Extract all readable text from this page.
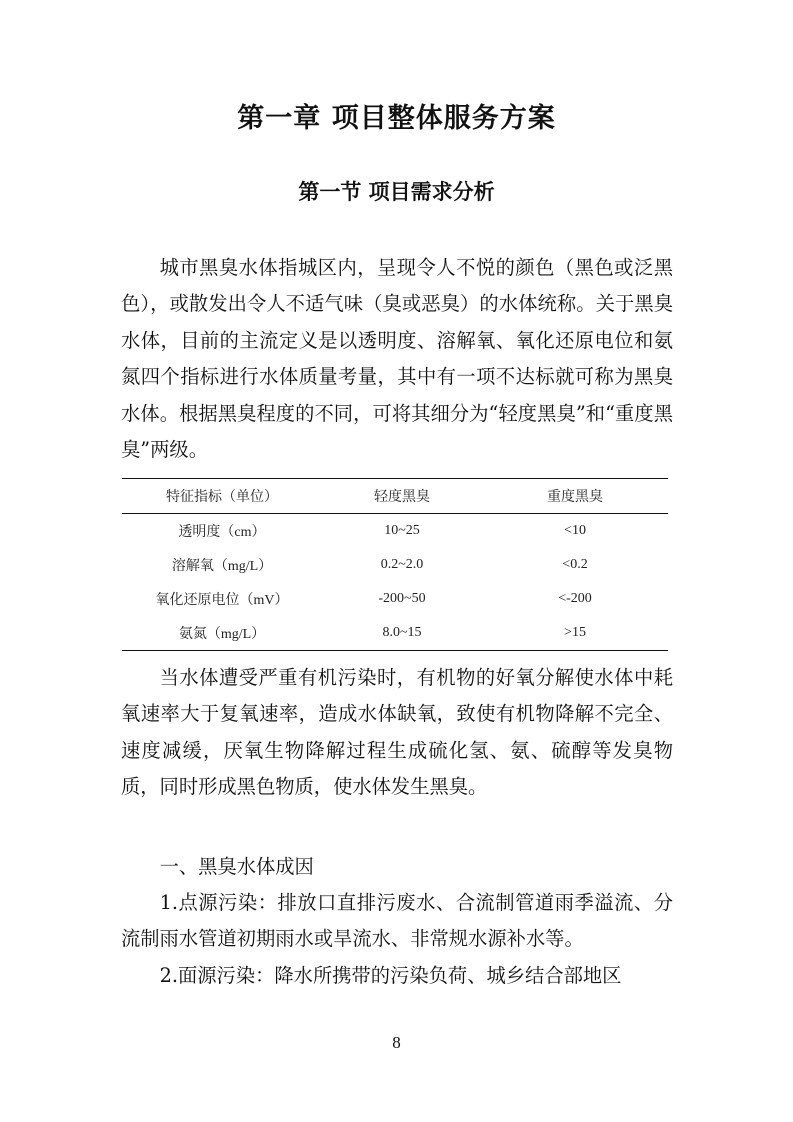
第一章 项目整体服务方案
第一节 项目需求分析

城市黑臭水体指城区内，呈现令人不悦的颜色（黑色或泛黑色），或散发出令人不适气味（臭或恶臭）的水体统称。关于黑臭水体，目前的主流定义是以透明度、溶解氧、氧化还原电位和氨氮四个指标进行水体质量考量，其中有一项不达标就可称为黑臭水体。根据黑臭程度的不同，可将其细分为“轻度黑臭”和“重度黑臭”两级。

特征指标（单位）	轻度黑臭	重度黑臭
透明度（cm）	10~25	<10
溶解氧（mg/L）	0.2~2.0	<0.2
氧化还原电位（mV）	-200~50	<-200
氨氮（mg/L）	8.0~15	>15

当水体遭受严重有机污染时，有机物的好氧分解使水体中耗氧速率大于复氧速率，造成水体缺氧，致使有机物降解不完全、速度减缓，厌氧生物降解过程生成硫化氢、氨、硫醇等发臭物质，同时形成黑色物质，使水体发生黑臭。

一、黑臭水体成因

1.点源污染：排放口直排污废水、合流制管道雨季溢流、分流制雨水管道初期雨水或旱流水、非常规水源补水等。

2.面源污染：降水所携带的污染负荷、城乡结合部地区

8
